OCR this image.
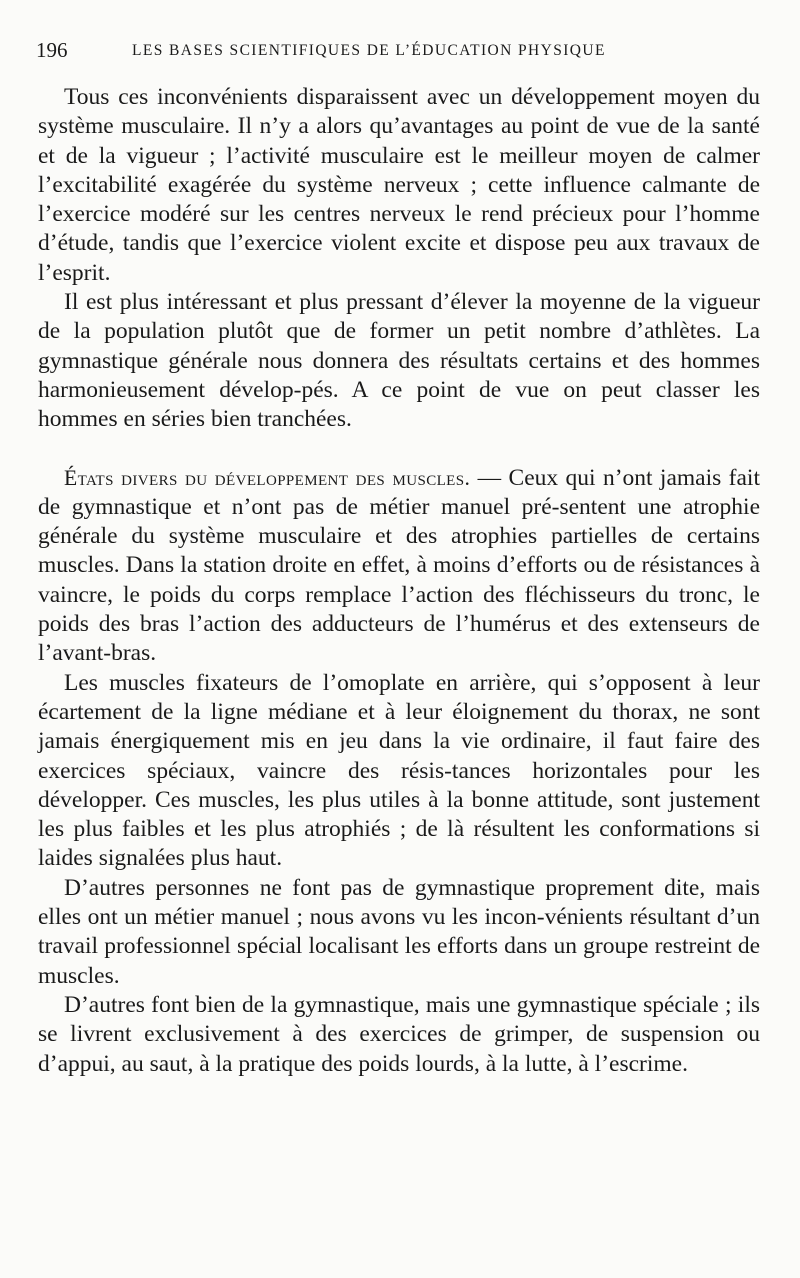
196	LES BASES SCIENTIFIQUES DE L’ÉDUCATION PHYSIQUE

Tous ces inconvénients disparaissent avec un développement moyen du système musculaire. Il n’y a alors qu’avantages au point de vue de la santé et de la vigueur ; l’activité musculaire est le meilleur moyen de calmer l’excitabilité exagérée du système nerveux ; cette influence calmante de l’exercice modéré sur les centres nerveux le rend précieux pour l’homme d’étude, tandis que l’exercice violent excite et dispose peu aux travaux de l’esprit.

Il est plus intéressant et plus pressant d’élever la moyenne de la vigueur de la population plutôt que de former un petit nombre d’athlètes. La gymnastique générale nous donnera des résultats certains et des hommes harmonieusement dévelop-pés. A ce point de vue on peut classer les hommes en séries bien tranchées.

États divers du développement des muscles. — Ceux qui n’ont jamais fait de gymnastique et n’ont pas de métier manuel pré-sentent une atrophie générale du système musculaire et des atrophies partielles de certains muscles. Dans la station droite en effet, à moins d’efforts ou de résistances à vaincre, le poids du corps remplace l’action des fléchisseurs du tronc, le poids des bras l’action des adducteurs de l’humérus et des extenseurs de l’avant-bras.

Les muscles fixateurs de l’omoplate en arrière, qui s’opposent à leur écartement de la ligne médiane et à leur éloignement du thorax, ne sont jamais énergiquement mis en jeu dans la vie ordinaire, il faut faire des exercices spéciaux, vaincre des résis-tances horizontales pour les développer. Ces muscles, les plus utiles à la bonne attitude, sont justement les plus faibles et les plus atrophiés ; de là résultent les conformations si laides signalées plus haut.

D’autres personnes ne font pas de gymnastique proprement dite, mais elles ont un métier manuel ; nous avons vu les incon-vénients résultant d’un travail professionnel spécial localisant les efforts dans un groupe restreint de muscles.

D’autres font bien de la gymnastique, mais une gymnastique spéciale ; ils se livrent exclusivement à des exercices de grimper, de suspension ou d’appui, au saut, à la pratique des poids lourds, à la lutte, à l’escrime.
